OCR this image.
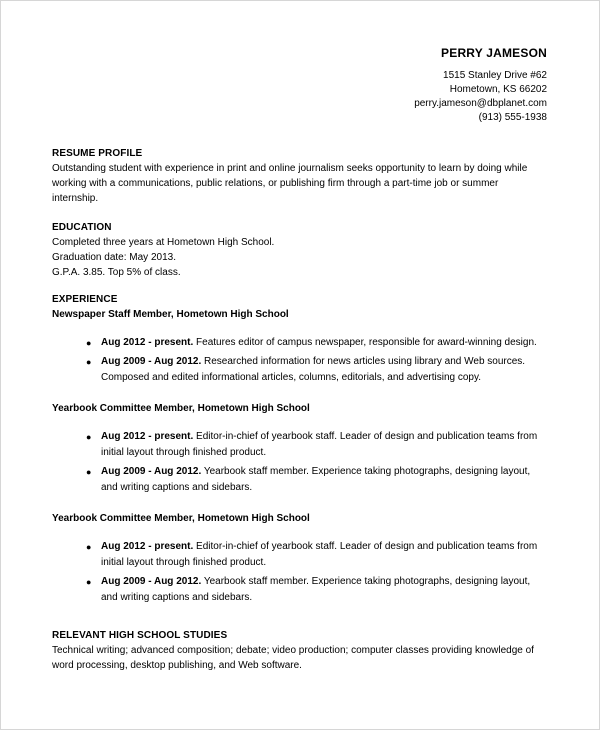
PERRY JAMESON
1515 Stanley Drive #62
Hometown, KS 66202
perry.jameson@dbplanet.com
(913) 555-1938
RESUME PROFILE
Outstanding student with experience in print and online journalism seeks opportunity to learn by doing while working with a communications, public relations, or publishing firm through a part-time job or summer internship.
EDUCATION
Completed three years at Hometown High School.
Graduation date: May 2013.
G.P.A. 3.85. Top 5% of class.
EXPERIENCE
Newspaper Staff Member, Hometown High School
● Aug 2012 - present. Features editor of campus newspaper, responsible for award-winning design.
● Aug 2009 - Aug 2012. Researched information for news articles using library and Web sources. Composed and edited informational articles, columns, editorials, and advertising copy.
Yearbook Committee Member, Hometown High School
● Aug 2012 - present. Editor-in-chief of yearbook staff. Leader of design and publication teams from initial layout through finished product.
● Aug 2009 - Aug 2012. Yearbook staff member. Experience taking photographs, designing layout, and writing captions and sidebars.
Yearbook Committee Member, Hometown High School
● Aug 2012 - present. Editor-in-chief of yearbook staff. Leader of design and publication teams from initial layout through finished product.
● Aug 2009 - Aug 2012. Yearbook staff member. Experience taking photographs, designing layout, and writing captions and sidebars.
RELEVANT HIGH SCHOOL STUDIES
Technical writing; advanced composition; debate; video production; computer classes providing knowledge of word processing, desktop publishing, and Web software.
